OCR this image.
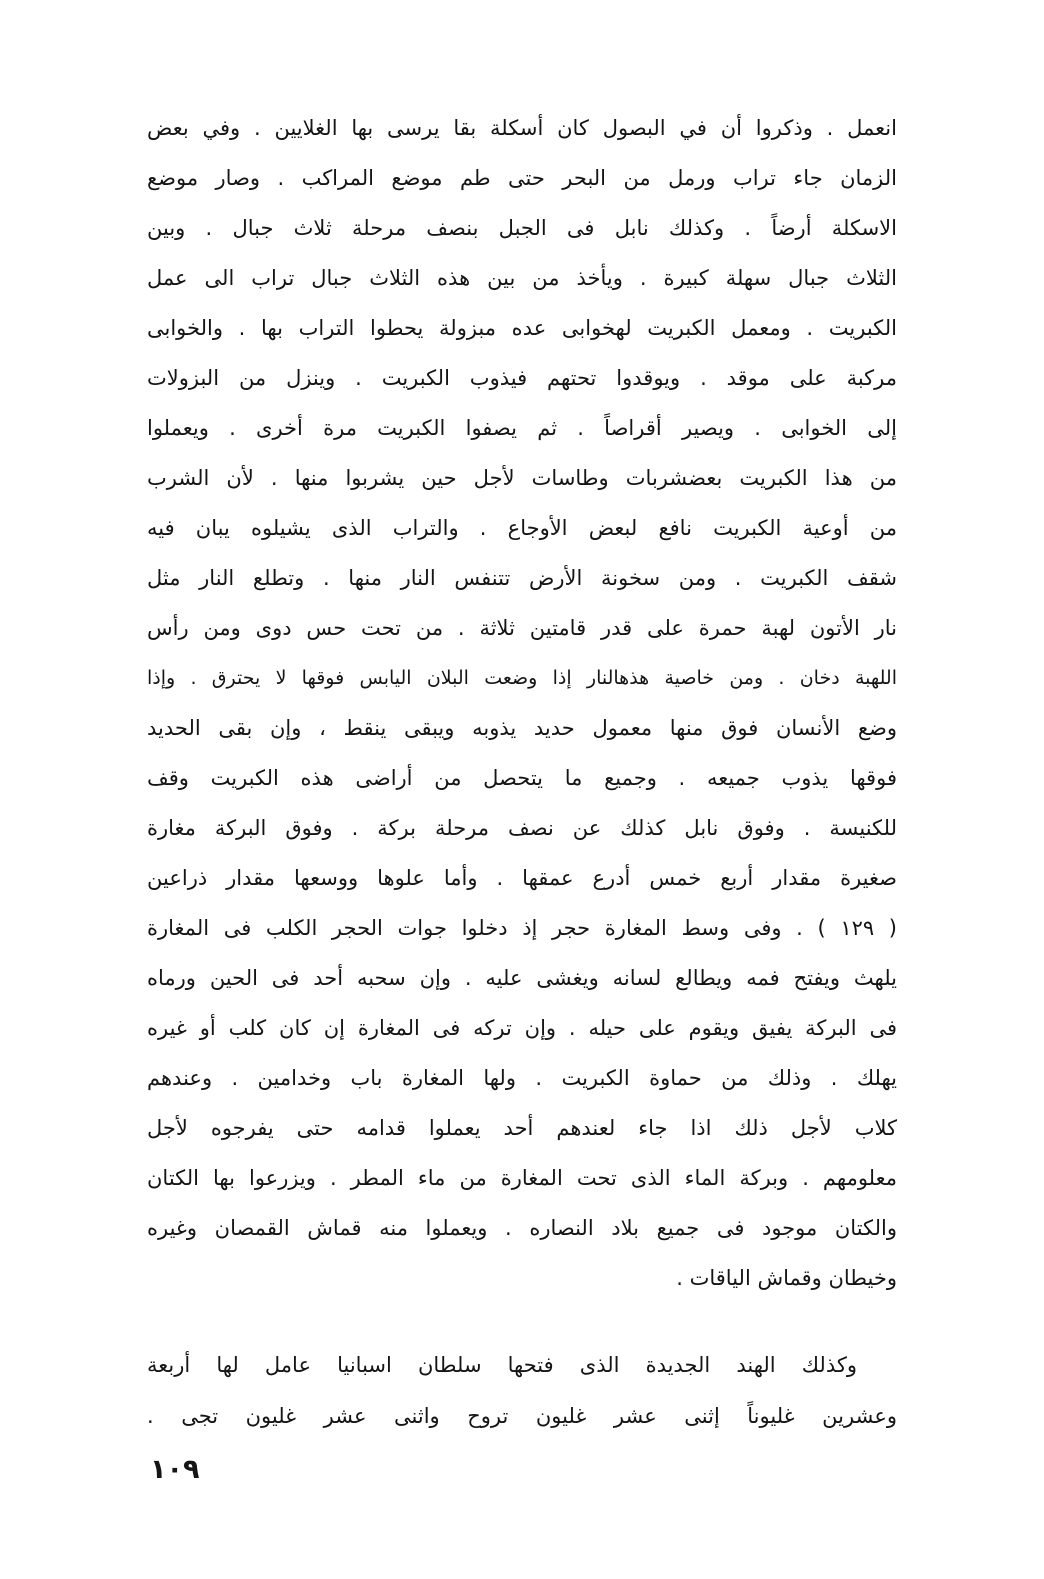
انعمل . وذكروا أن في البصول كان أسكلة بقا يرسى بها الغلايين . وفي بعض
الزمان جاء تراب ورمل من البحر حتى طم موضع المراكب . وصار موضع
الاسكلة أرضاً . وكذلك نابل فى الجبل بنصف مرحلة ثلاث جبال . وبين
الثلاث جبال سهلة كبيرة . ويأخذ من بين هذه الثلاث جبال تراب الى عمل
الكبريت . ومعمل الكبريت لهخوابى عده مبزولة يحطوا التراب بها . والخوابى
مركبة على موقد . ويوقدوا تحتهم فيذوب الكبريت . وينزل من البزولات
إلى الخوابى . ويصير أقراصاً . ثم يصفوا الكبريت مرة أخرى . ويعملوا
من هذا الكبريت بعضشربات وطاسات لأجل حين يشربوا منها . لأن الشرب
من أوعية الكبريت نافع لبعض الأوجاع . والتراب الذى يشيلوه يبان فيه
شقف الكبريت . ومن سخونة الأرض تتنفس النار منها . وتطلع النار مثل
نار الأتون لهبة حمرة على قدر قامتين ثلاثة . من تحت حس دوى ومن رأس
اللهبة دخان . ومن خاصية هذهالنار إذا وضعت البلان اليابس فوقها لا يحترق . وإذا
وضع الأنسان فوق منها معمول حديد يذوبه ويبقى ينقط ، وإن بقى الحديد
فوقها يذوب جميعه . وجميع ما يتحصل من أراضى هذه الكبريت وقف
للكنيسة . وفوق نابل كذلك عن نصف مرحلة بركة . وفوق البركة مغارة
صغيرة مقدار أربع خمس أدرع عمقها . وأما علوها ووسعها مقدار ذراعين
( ١٢٩ ) . وفى وسط المغارة حجر إذ دخلوا جوات الحجر الكلب فى المغارة
يلهث ويفتح فمه ويطالع لسانه ويغشى عليه . وإن سحبه أحد فى الحين ورماه
فى البركة يفيق ويقوم على حيله . وإن تركه فى المغارة إن كان كلب أو غيره
يهلك . وذلك من حماوة الكبريت . ولها المغارة باب وخدامين . وعندهم
كلاب لأجل ذلك اذا جاء لعندهم أحد يعملوا قدامه حتى يفرجوه لأجل
معلومهم . وبركة الماء الذى تحت المغارة من ماء المطر . ويزرعوا بها الكتان
والكتان موجود فى جميع بلاد النصاره . ويعملوا منه قماش القمصان وغيره
وخيطان وقماش الياقات .
وكذلك الهند الجديدة الذى فتحها سلطان اسبانيا عامل لها أربعة
وعشرين غليوناً إثنى عشر غليون تروح واثنى عشر غليون تجى .
١٠٩
